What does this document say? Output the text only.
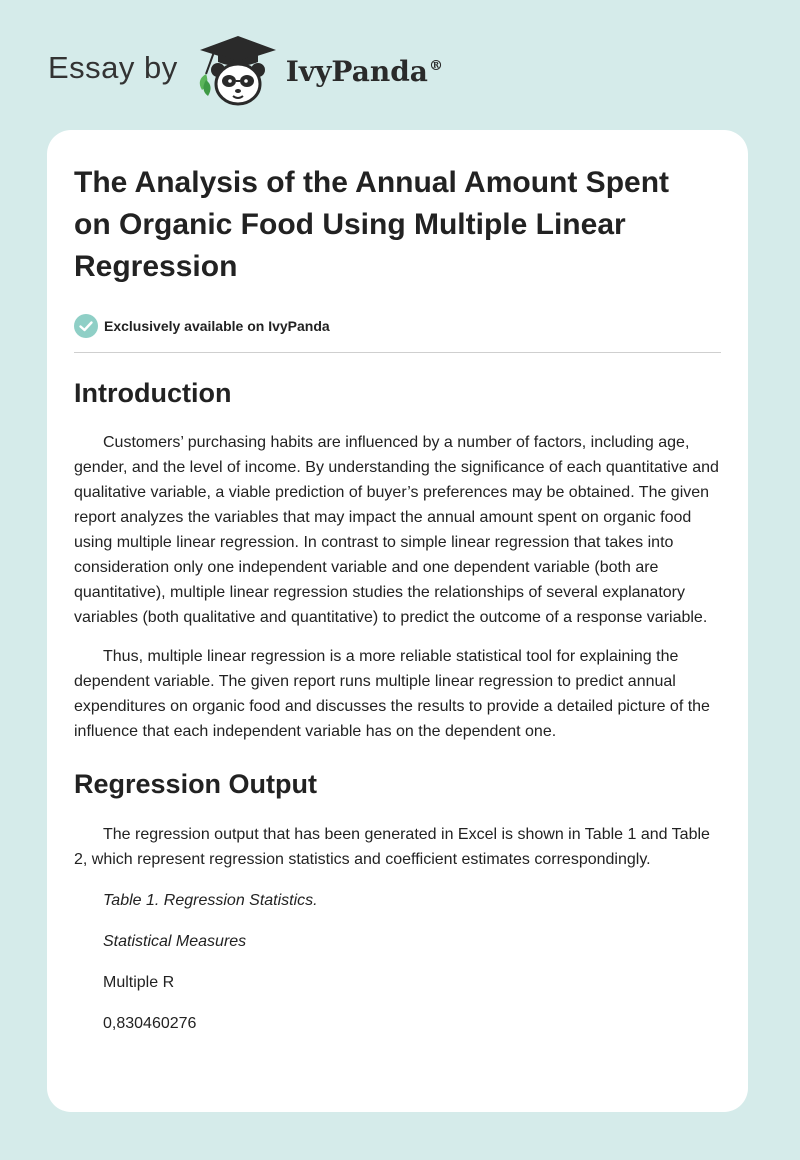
Essay by	IvyPanda®
The Analysis of the Annual Amount Spent on Organic Food Using Multiple Linear Regression
Exclusively available on IvyPanda
Introduction

Customers’ purchasing habits are influenced by a number of factors, including age, gender, and the level of income. By understanding the significance of each quantitative and qualitative variable, a viable prediction of buyer’s preferences may be obtained. The given report analyzes the variables that may impact the annual amount spent on organic food using multiple linear regression. In contrast to simple linear regression that takes into consideration only one independent variable and one dependent variable (both are quantitative), multiple linear regression studies the relationships of several explanatory variables (both qualitative and quantitative) to predict the outcome of a response variable.

Thus, multiple linear regression is a more reliable statistical tool for explaining the dependent variable. The given report runs multiple linear regression to predict annual expenditures on organic food and discusses the results to provide a detailed picture of the influence that each independent variable has on the dependent one.

Regression Output

The regression output that has been generated in Excel is shown in Table 1 and Table 2, which represent regression statistics and coefficient estimates correspondingly.

Table 1. Regression Statistics.

Statistical Measures

Multiple R

0,830460276
